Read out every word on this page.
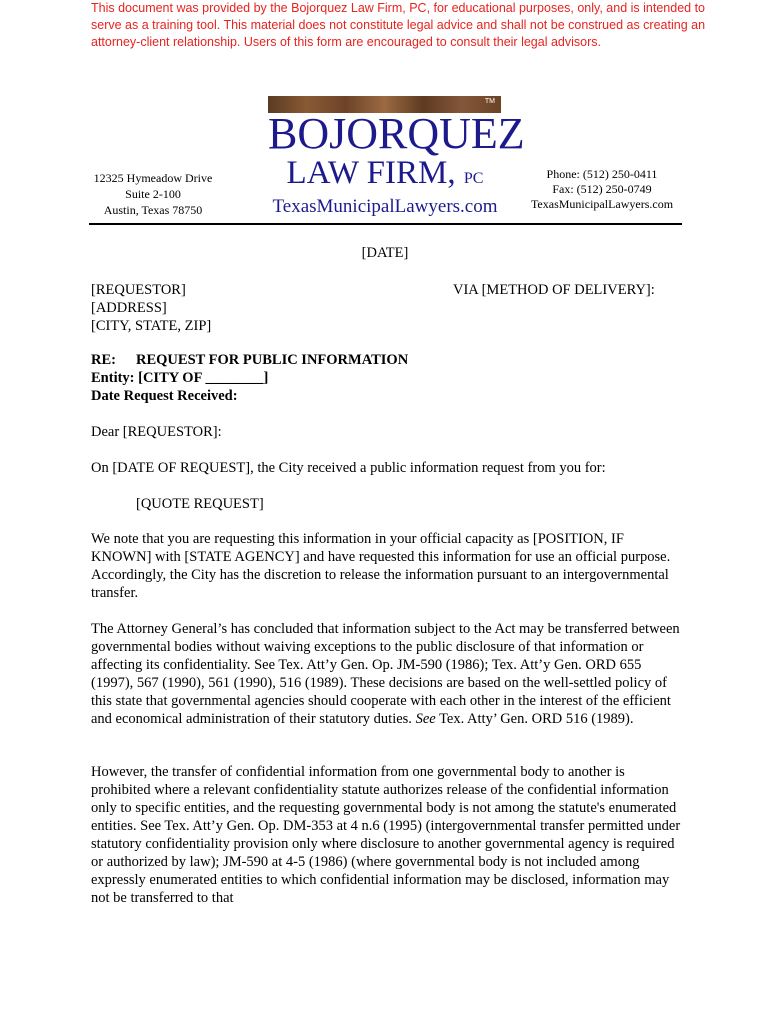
This document was provided by the Bojorquez Law Firm, PC, for educational purposes, only, and is intended to serve as a training tool. This material does not constitute legal advice and shall not be construed as creating an attorney-client relationship. Users of this form are encouraged to consult their legal advisors.
12325 Hymeadow Drive
Suite 2-100
Austin, Texas 78750
TM
BOJORQUEZ
LAW FIRM, PC
TexasMunicipalLawyers.com
Phone: (512) 250-0411
Fax: (512) 250-0749
TexasMunicipalLawyers.com
[DATE]
[REQUESTOR]
[ADDRESS]
[CITY, STATE, ZIP]
VIA [METHOD OF DELIVERY]:
RE: REQUEST FOR PUBLIC INFORMATION
Entity: [CITY OF ________]
Date Request Received:
Dear [REQUESTOR]:
On [DATE OF REQUEST], the City received a public information request from you for:
[QUOTE REQUEST]
We note that you are requesting this information in your official capacity as [POSITION, IF KNOWN] with [STATE AGENCY] and have requested this information for use an official purpose. Accordingly, the City has the discretion to release the information pursuant to an intergovernmental transfer.
The Attorney General’s has concluded that information subject to the Act may be transferred between governmental bodies without waiving exceptions to the public disclosure of that information or affecting its confidentiality. See Tex. Att’y Gen. Op. JM-590 (1986); Tex. Att’y Gen. ORD 655 (1997), 567 (1990), 561 (1990), 516 (1989). These decisions are based on the well-settled policy of this state that governmental agencies should cooperate with each other in the interest of the efficient and economical administration of their statutory duties. See Tex. Atty’ Gen. ORD 516 (1989).
However, the transfer of confidential information from one governmental body to another is prohibited where a relevant confidentiality statute authorizes release of the confidential information only to specific entities, and the requesting governmental body is not among the statute's enumerated entities. See Tex. Att’y Gen. Op. DM-353 at 4 n.6 (1995) (intergovernmental transfer permitted under statutory confidentiality provision only where disclosure to another governmental agency is required or authorized by law); JM-590 at 4-5 (1986) (where governmental body is not included among expressly enumerated entities to which confidential information may be disclosed, information may not be transferred to that
